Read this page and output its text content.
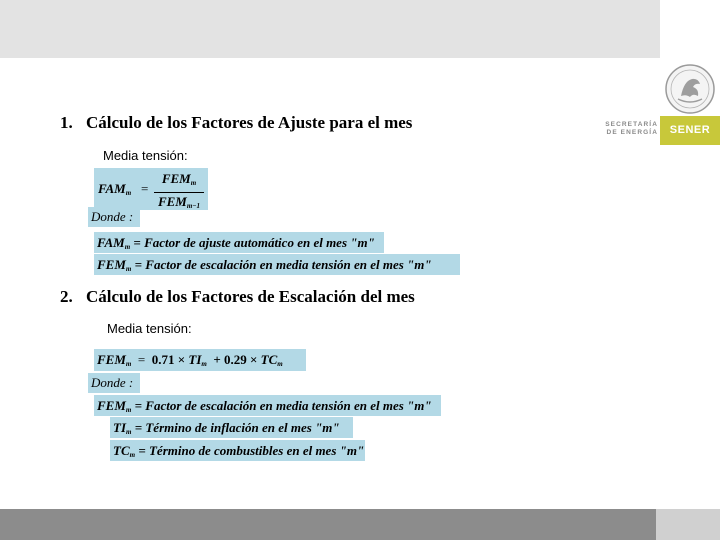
SECRETARÍA
DE ENERGÍA	SENER
1. Cálculo de los Factores de Ajuste para el mes
Media tensión:
$FAM_m$ =
$FEM_m$
$FEM_{m-1}$
Donde :
$FAM_m$ = Factor de ajuste automático en el mes "m"
$FEM_m$ = Factor de escalación en media tensión en el mes "m"
2. Cálculo de los Factores de Escalación del mes
Media tensión:
$FEM_m = 0.71 \times TI_m + 0.29 \times TC_m$
Donde :
$FEM_m$ = Factor de escalación en media tensión en el mes "m"
$TI_m$ = Término de inflación en el mes "m"
$TC_m$ = Término de combustibles en el mes "m"
